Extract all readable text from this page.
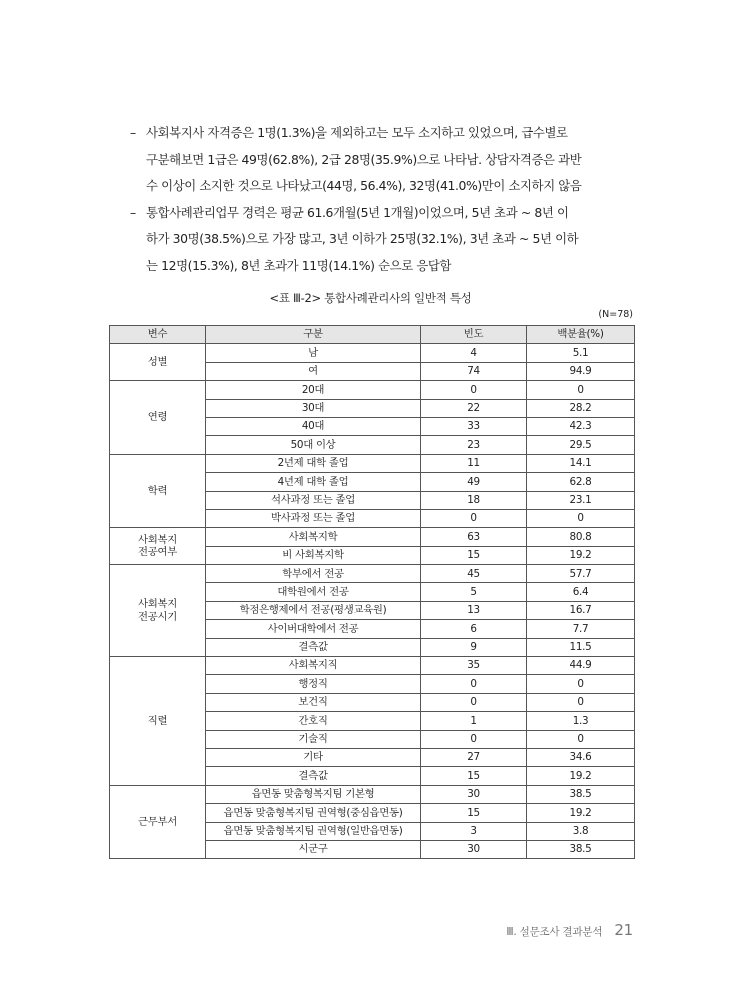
– 사회복지사 자격증은 1명(1.3%)을 제외하고는 모두 소지하고 있었으며, 급수별로
구분해보면 1급은 49명(62.8%), 2급 28명(35.9%)으로 나타남. 상담자격증은 과반
수 이상이 소지한 것으로 나타났고(44명, 56.4%), 32명(41.0%)만이 소지하지 않음
– 통합사례관리업무 경력은 평균 61.6개월(5년 1개월)이었으며, 5년 초과 ~ 8년 이
하가 30명(38.5%)으로 가장 많고, 3년 이하가 25명(32.1%), 3년 초과 ~ 5년 이하
는 12명(15.3%), 8년 초과가 11명(14.1%) 순으로 응답함
<표 Ⅲ-2> 통합사례관리사의 일반적 특성
(N=78)
변수	구분	빈도	백분율(%)

성별	남	4	5.1
	여	74	94.9

연령	20대	0	0
	30대	22	28.2
	40대	33	42.3
	50대 이상	23	29.5

학력	2년제 대학 졸업	11	14.1
	4년제 대학 졸업	49	62.8
	석사과정 또는 졸업	18	23.1
	박사과정 또는 졸업	0	0

사회복지
전공여부	사회복지학	63	80.8
	비 사회복지학	15	19.2

사회복지
전공시기	학부에서 전공	45	57.7
	대학원에서 전공	5	6.4
	학점은행제에서 전공(평생교육원)	13	16.7
	사이버대학에서 전공	6	7.7
	결측값	9	11.5

직렬	사회복지직	35	44.9
	행정직	0	0
	보건직	0	0
	간호직	1	1.3
	기술직	0	0
	기타	27	34.6
	결측값	15	19.2

근무부서	읍면동 맞춤형복지팀 기본형	30	38.5
	읍면동 맞춤형복지팀 권역형(중심읍면동)	15	19.2
	읍면동 맞춤형복지팀 권역형(일반읍면동)	3	3.8
	시군구	30	38.5
Ⅲ. 설문조사 결과분석 21
